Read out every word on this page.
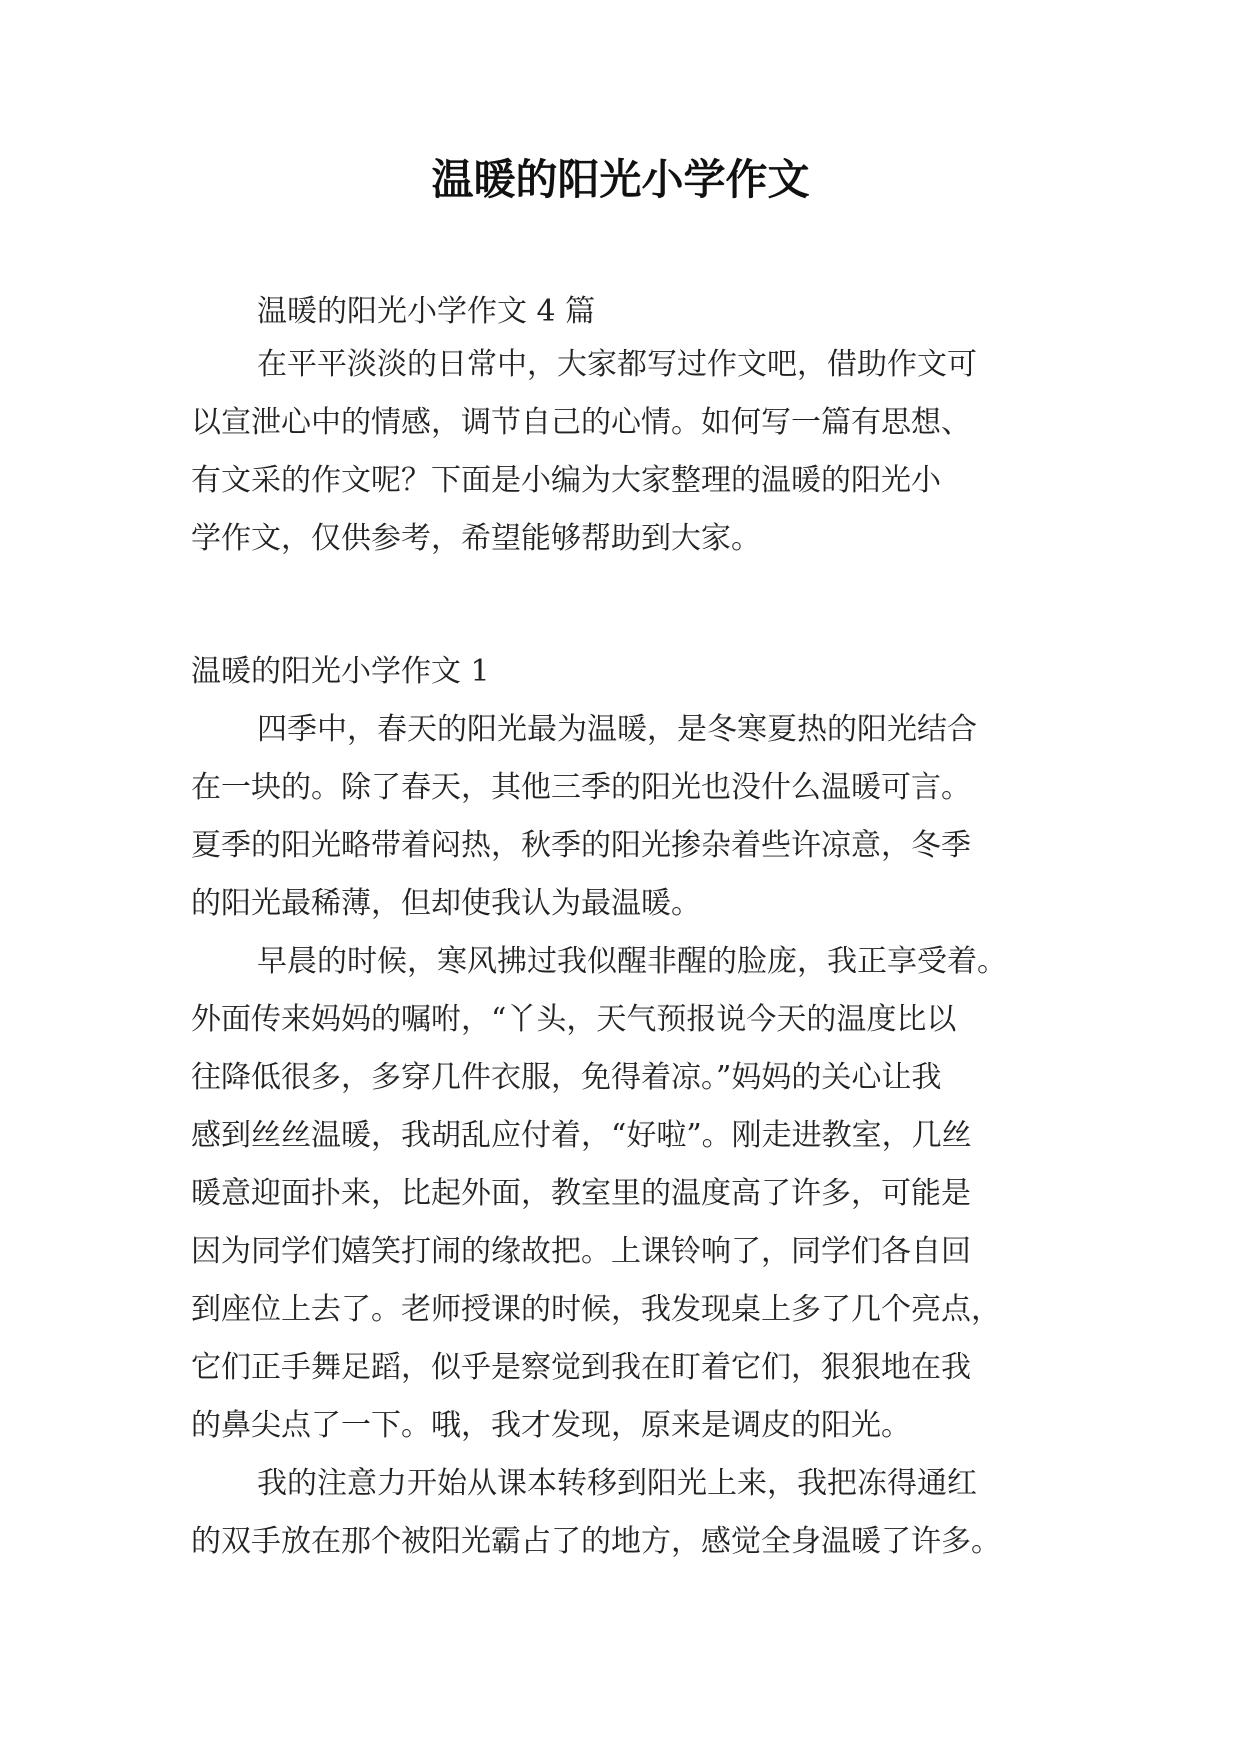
温暖的阳光小学作文
温暖的阳光小学作文 4 篇
在平平淡淡的日常中，大家都写过作文吧，借助作文可
以宣泄心中的情感，调节自己的心情。如何写一篇有思想、
有文采的作文呢？下面是小编为大家整理的温暖的阳光小
学作文，仅供参考，希望能够帮助到大家。
温暖的阳光小学作文 1
四季中，春天的阳光最为温暖，是冬寒夏热的阳光结合
在一块的。除了春天，其他三季的阳光也没什么温暖可言。
夏季的阳光略带着闷热，秋季的阳光掺杂着些许凉意，冬季
的阳光最稀薄，但却使我认为最温暖。
早晨的时候，寒风拂过我似醒非醒的脸庞，我正享受着。
外面传来妈妈的嘱咐，“丫头，天气预报说今天的温度比以
往降低很多，多穿几件衣服，免得着凉。”妈妈的关心让我
感到丝丝温暖，我胡乱应付着，“好啦”。刚走进教室，几丝
暖意迎面扑来，比起外面，教室里的温度高了许多，可能是
因为同学们嬉笑打闹的缘故把。上课铃响了，同学们各自回
到座位上去了。老师授课的时候，我发现桌上多了几个亮点，
它们正手舞足蹈，似乎是察觉到我在盯着它们，狠狠地在我
的鼻尖点了一下。哦，我才发现，原来是调皮的阳光。
我的注意力开始从课本转移到阳光上来，我把冻得通红
的双手放在那个被阳光霸占了的地方，感觉全身温暖了许多。
